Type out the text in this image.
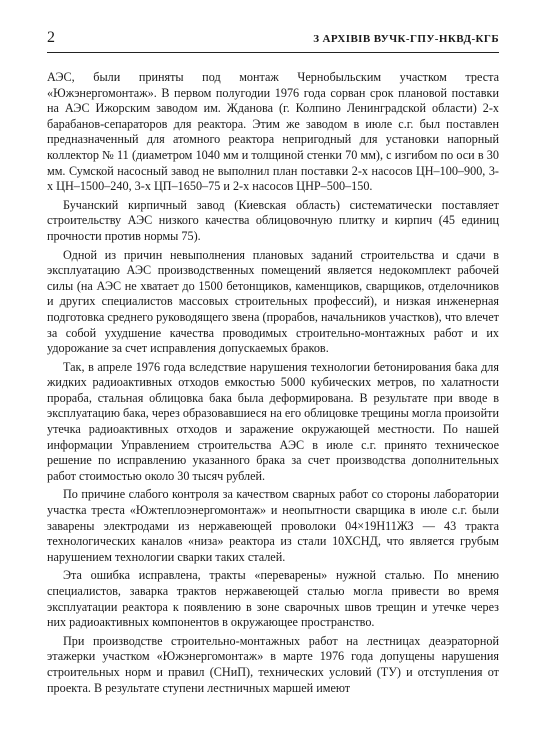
2	З АРХІВІВ ВУЧК-ГПУ-НКВД-КГБ

АЭС, были приняты под монтаж Чернобыльским участком треста «Южэнергомонтаж». В первом полугодии 1976 года сорван срок плановой поставки на АЭС Ижорским заводом им. Жданова (г. Колпино Ленинградской области) 2-х барабанов-сепараторов для реактора. Этим же заводом в июле с.г. был поставлен предназначенный для атомного реактора непригодный для установки напорный коллектор № 11 (диаметром 1040 мм и толщиной стенки 70 мм), с изгибом по оси в 30 мм. Сумской насосный завод не выполнил план поставки 2-х насосов ЦН–100–900, 3-х ЦН–1500–240, 3-х ЦП–1650–75 и 2-х насосов ЦНР–500–150.

Бучанский кирпичный завод (Киевская область) систематически поставляет строительству АЭС низкого качества облицовочную плитку и кирпич (45 единиц прочности против нормы 75).

Одной из причин невыполнения плановых заданий строительства и сдачи в эксплуатацию АЭС производственных помещений является недокомплект рабочей силы (на АЭС не хватает до 1500 бетонщиков, каменщиков, сварщиков, отделочников и других специалистов массовых строительных профессий), и низкая инженерная подготовка среднего руководящего звена (прорабов, начальников участков), что влечет за собой ухудшение качества проводимых строительно-монтажных работ и их удорожание за счет исправления допускаемых браков.

Так, в апреле 1976 года вследствие нарушения технологии бетонирования бака для жидких радиоактивных отходов емкостью 5000 кубических метров, по халатности прораба, стальная облицовка бака была деформирована. В результате при вводе в эксплуатацию бака, через образовавшиеся на его облицовке трещины могла произойти утечка радиоактивных отходов и заражение окружающей местности. По нашей информации Управлением строительства АЭС в июле с.г. принято техническое решение по исправлению указанного брака за счет производства дополнительных работ стоимостью около 30 тысяч рублей.

По причине слабого контроля за качеством сварных работ со стороны лаборатории участка треста «Южтеплоэнергомонтаж» и неопытности сварщика в июле с.г. были заварены электродами из нержавеющей проволоки 04×19Н11ЖЗ — 43 тракта технологических каналов «низа» реактора из стали 10ХСНД, что является грубым нарушением технологии сварки таких сталей.

Эта ошибка исправлена, тракты «переварены» нужной сталью. По мнению специалистов, заварка трактов нержавеющей сталью могла привести во время эксплуатации реактора к появлению в зоне сварочных швов трещин и утечке через них радиоактивных компонентов в окружающее пространство.

При производстве строительно-монтажных работ на лестницах деаэраторной этажерки участком «Южэнергомонтаж» в марте 1976 года допущены нарушения строительных норм и правил (СНиП), технических условий (ТУ) и отступления от проекта. В результате ступени лестничных маршей имеют
